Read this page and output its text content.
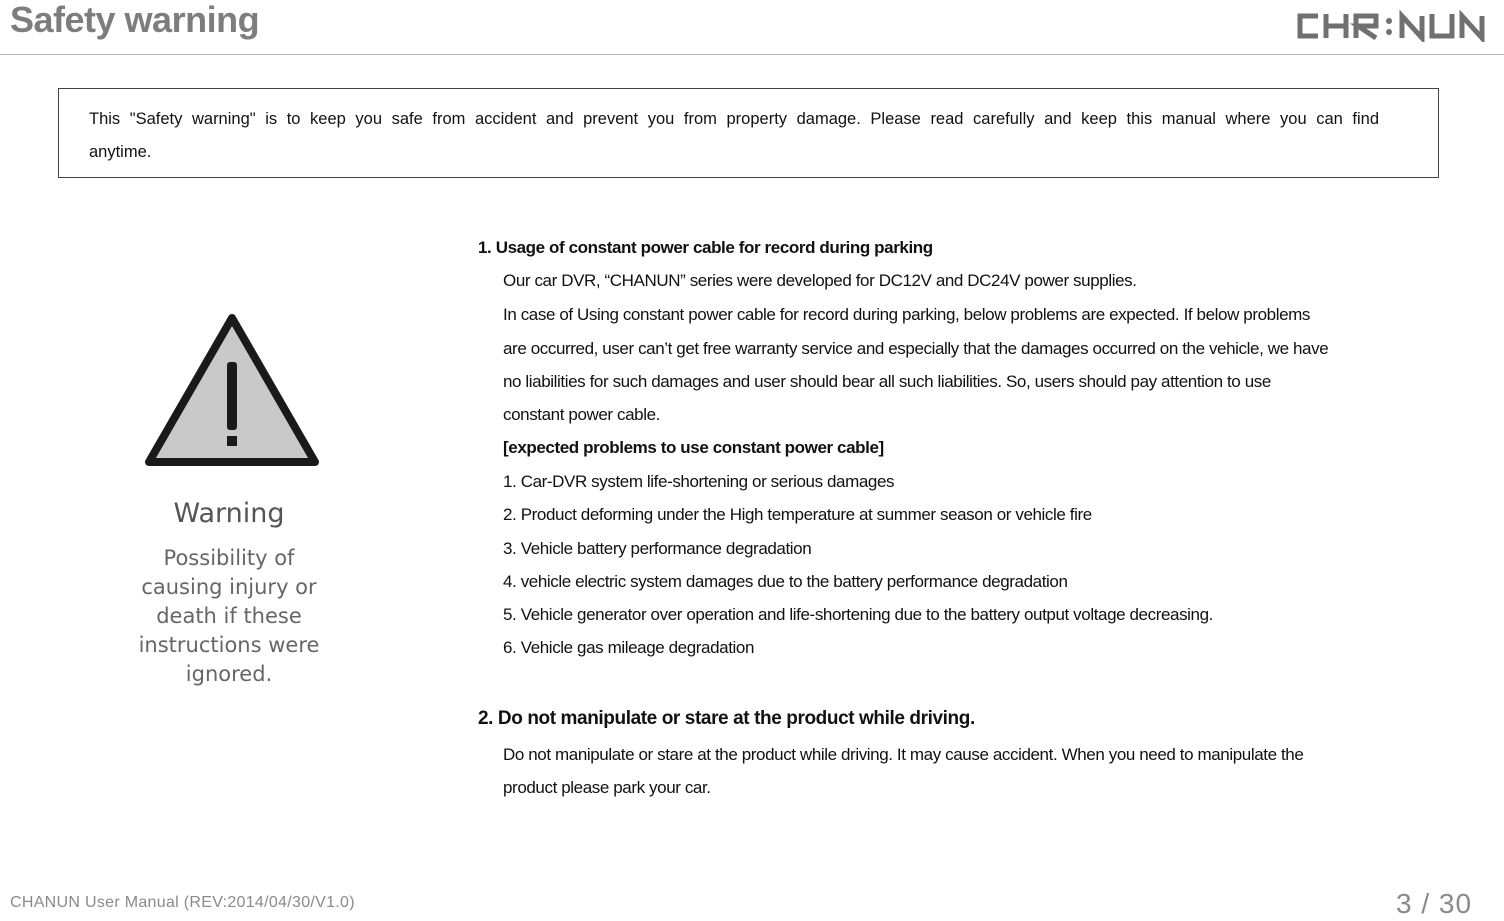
Safety warning
This "Safety warning" is to keep you safe from accident and prevent you from property damage. Please read carefully and keep this manual where you can find anytime.
Warning
Possibility of
causing injury or
death if these
instructions were
ignored.
1. Usage of constant power cable for record during parking
Our car DVR, “CHANUN” series were developed for DC12V and DC24V power supplies.
In case of Using constant power cable for record during parking, below problems are expected. If below problems
are occurred, user can’t get free warranty service and especially that the damages occurred on the vehicle, we have
no liabilities for such damages and user should bear all such liabilities. So, users should pay attention to use
constant power cable.
[expected problems to use constant power cable]
1. Car-DVR system life-shortening or serious damages
2. Product deforming under the High temperature at summer season or vehicle fire
3. Vehicle battery performance degradation
4. vehicle electric system damages due to the battery performance degradation
5. Vehicle generator over operation and life-shortening due to the battery output voltage decreasing.
6. Vehicle gas mileage degradation
2. Do not manipulate or stare at the product while driving.
Do not manipulate or stare at the product while driving. It may cause accident. When you need to manipulate the
product please park your car.
CHANUN User Manual (REV:2014/04/30/V1.0)	3 / 30
